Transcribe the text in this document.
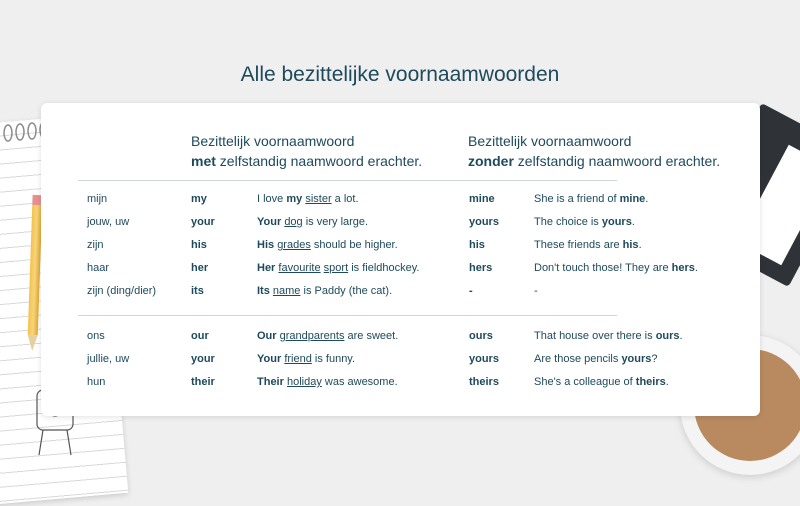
Alle bezittelijke voornaamwoorden
Bezittelijk voornaamwoord
met zelfstandig naamwoord erachter.
Bezittelijk voornaamwoord
zonder zelfstandig naamwoord erachter.
mijn	my	I love my sister a lot.	mine	She is a friend of mine.
jouw, uw	your	Your dog is very large.	yours	The choice is yours.
zijn	his	His grades should be higher.	his	These friends are his.
haar	her	Her favourite sport is fieldhockey.	hers	Don't touch those! They are hers.
zijn (ding/dier)	its	Its name is Paddy (the cat).	-	-
ons	our	Our grandparents are sweet.	ours	That house over there is ours.
jullie, uw	your	Your friend is funny.	yours	Are those pencils yours?
hun	their	Their holiday was awesome.	theirs	She's a colleague of theirs.
